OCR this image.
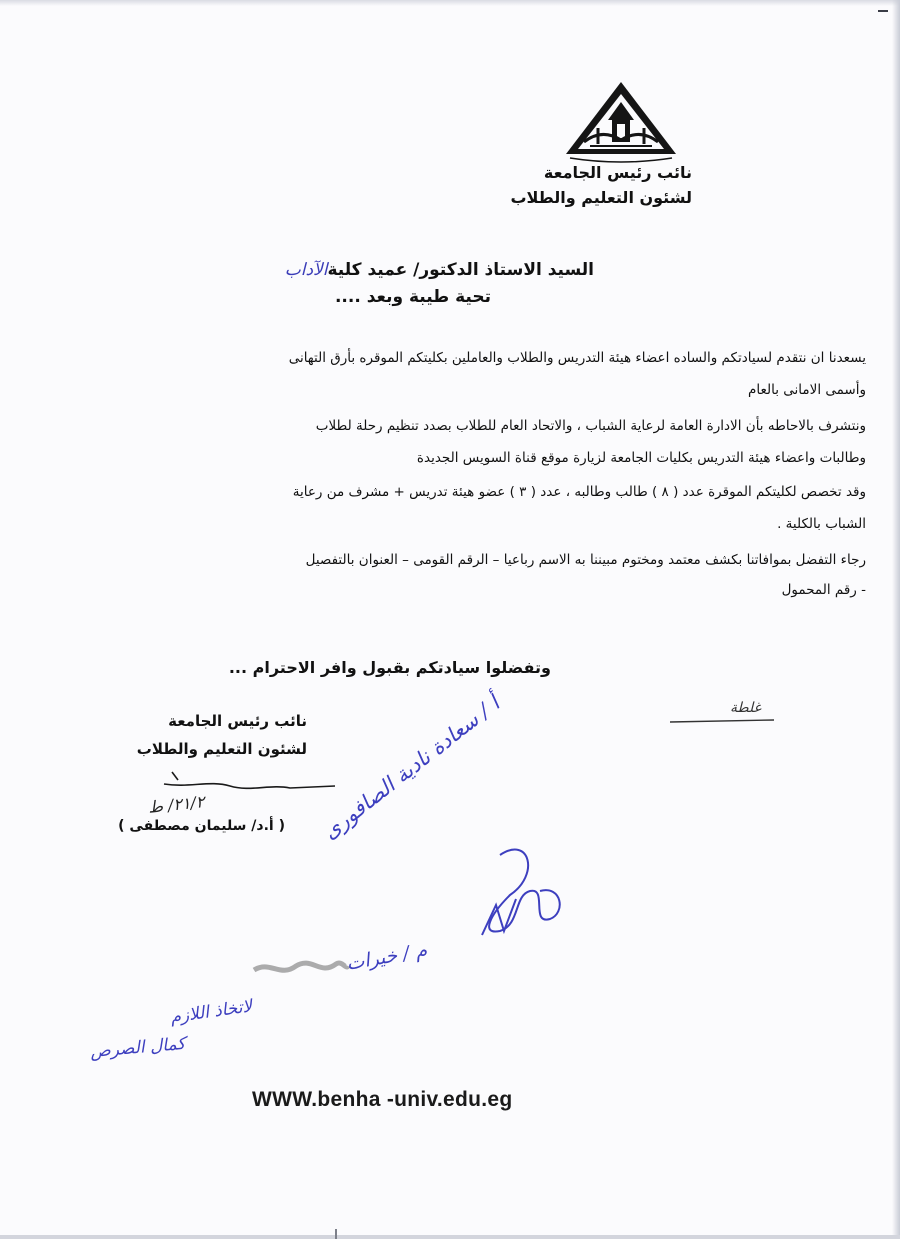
نائب رئيس الجامعة
لشئون التعليم والطلاب
السيد الاستاذ الدكتور/ عميد كليةالآداب
تحية طيبة وبعد ....
يسعدنا ان نتقدم لسيادتكم والساده اعضاء هيئة التدريس والطلاب والعاملين بكليتكم الموقره بأرق التهانى
وأسمى الامانى بالعام
ونتشرف بالاحاطه بأن الادارة العامة لرعاية الشباب ، والاتحاد العام للطلاب بصدد تنظيم رحلة لطلاب
وطالبات واعضاء هيئة التدريس بكليات الجامعة لزيارة موقع قناة السويس الجديدة
وقد تخصص لكليتكم الموقرة عدد ( ٨ ) طالب وطالبه ، عدد ( ٣ ) عضو هيئة تدريس + مشرف من رعاية
الشباب بالكلية .
رجاء التفضل بموافاتنا بكشف معتمد ومختوم مبيننا به الاسم رباعيا – الرقم القومى – العنوان بالتفصيل
- رقم المحمول
وتفضلوا سيادتكم بقبول وافر الاحترام ...
غلطة
نائب رئيس الجامعة
لشئون التعليم والطلاب
٢١/٢/ ط
( أ.د/ سليمان مصطفى ) أ / سعادة نادية الصافورى
م / خيرات
لاتخاذ اللازم
كمال الصرص
WWW.benha -univ.edu.eg
